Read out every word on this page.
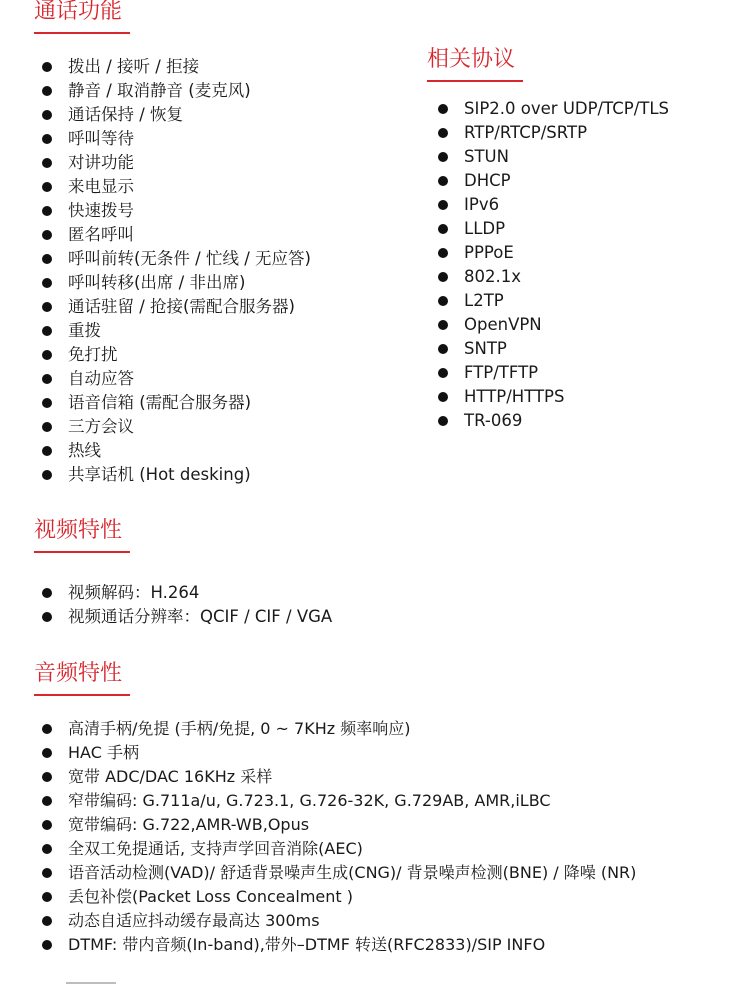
通话功能
拨出 / 接听 / 拒接
静音 / 取消静音 (麦克风)
通话保持 / 恢复
呼叫等待
对讲功能
来电显示
快速拨号
匿名呼叫
呼叫前转(无条件 / 忙线 / 无应答)
呼叫转移(出席 / 非出席)
通话驻留 / 抢接(需配合服务器)
重拨
免打扰
自动应答
语音信箱 (需配合服务器)
三方会议
热线
共享话机 (Hot desking)
相关协议
SIP2.0 over UDP/TCP/TLS
RTP/RTCP/SRTP
STUN
DHCP
IPv6
LLDP
PPPoE
802.1x
L2TP
OpenVPN
SNTP
FTP/TFTP
HTTP/HTTPS
TR-069
视频特性
视频解码：H.264
视频通话分辨率：QCIF / CIF / VGA
音频特性
高清手柄/免提 (手柄/免提, 0 ~ 7KHz 频率响应)
HAC 手柄
宽带 ADC/DAC 16KHz 采样
窄带编码: G.711a/u, G.723.1, G.726-32K, G.729AB, AMR,iLBC
宽带编码: G.722,AMR-WB,Opus
全双工免提通话, 支持声学回音消除(AEC)
语音活动检测(VAD)/ 舒适背景噪声生成(CNG)/ 背景噪声检测(BNE) / 降噪 (NR)
丢包补偿(Packet Loss Concealment )
动态自适应抖动缓存最高达 300ms
DTMF: 带内音频(In-band),带外–DTMF 转送(RFC2833)/SIP INFO
